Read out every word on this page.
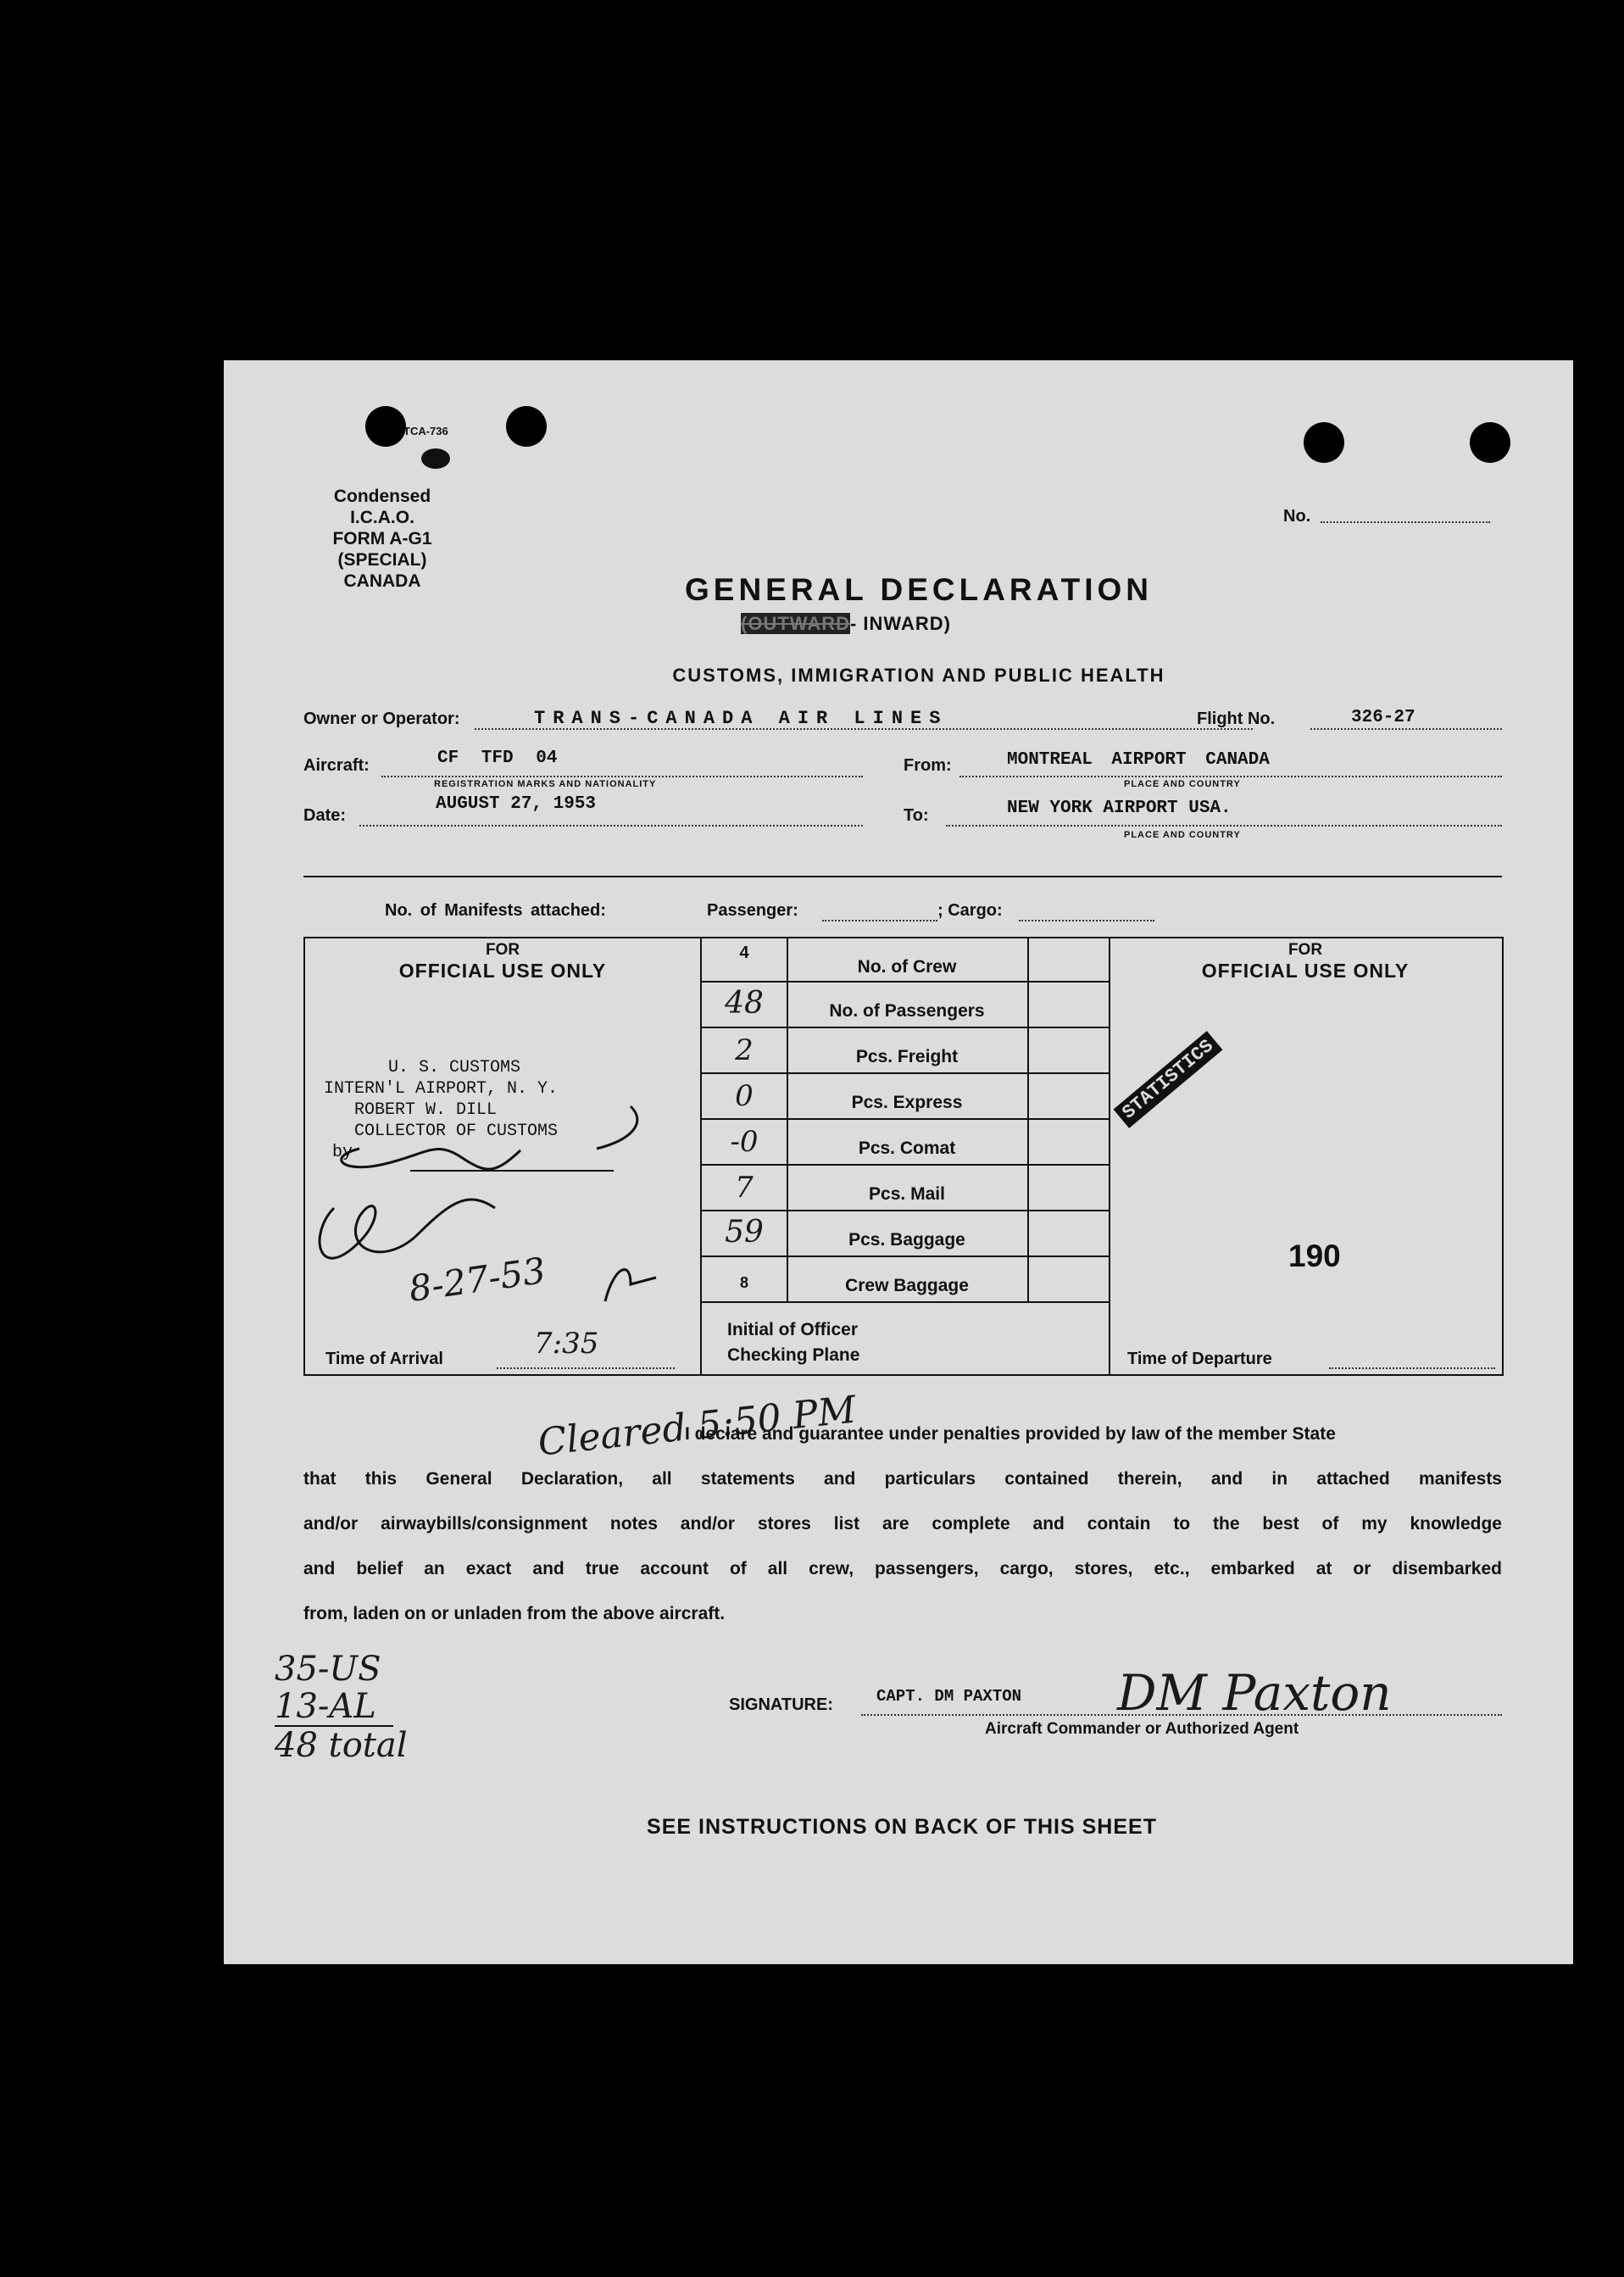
TCA-736
Condensed I.C.A.O.
FORM A-G1 (SPECIAL)
CANADA
No.
GENERAL DECLARATION
(OUTWARD- INWARD)
CUSTOMS, IMMIGRATION AND PUBLIC HEALTH
Owner or Operator:	TRANS-CANADA AIR LINES	Flight No.	326-27
Aircraft:	CF TFD 04
REGISTRATION MARKS AND NATIONALITY
From:	MONTREAL AIRPORT CANADA
PLACE AND COUNTRY
Date:
AUGUST 27, 1953
To:	NEW YORK AIRPORT USA.
PLACE AND COUNTRY
No. of Manifests attached:	Passenger:	; Cargo:
FOR
OFFICIAL USE ONLY
U. S. CUSTOMS
INTERN'L AIRPORT, N. Y.
ROBERT W. DILL
COLLECTOR OF CUSTOMS
by
8-27-53
Time of Arrival	7:35
4
No. of Crew
48	No. of Passengers
2	Pcs. Freight
0	Pcs. Express
-0	Pcs. Comat
7	Pcs. Mail
59	Pcs. Baggage
8	Crew Baggage
Initial of Officer
Checking Plane
FOR
OFFICIAL USE ONLY
STATISTICS
190
Time of Departure
Cleared 5:50 PM
I declare and guarantee under penalties provided by law of the member State
that this General Declaration, all statements and particulars contained therein, and in attached manifests
and/or airwaybills/consignment notes and/or stores list are complete and contain to the best of my knowledge
and belief an exact and true account of all crew, passengers, cargo, stores, etc., embarked at or disembarked
from, laden on or unladen from the above aircraft.
35-US
13-AL
48 total
SIGNATURE:	CAPT. DM PAXTON DM Paxton
Aircraft Commander or Authorized Agent
SEE INSTRUCTIONS ON BACK OF THIS SHEET
